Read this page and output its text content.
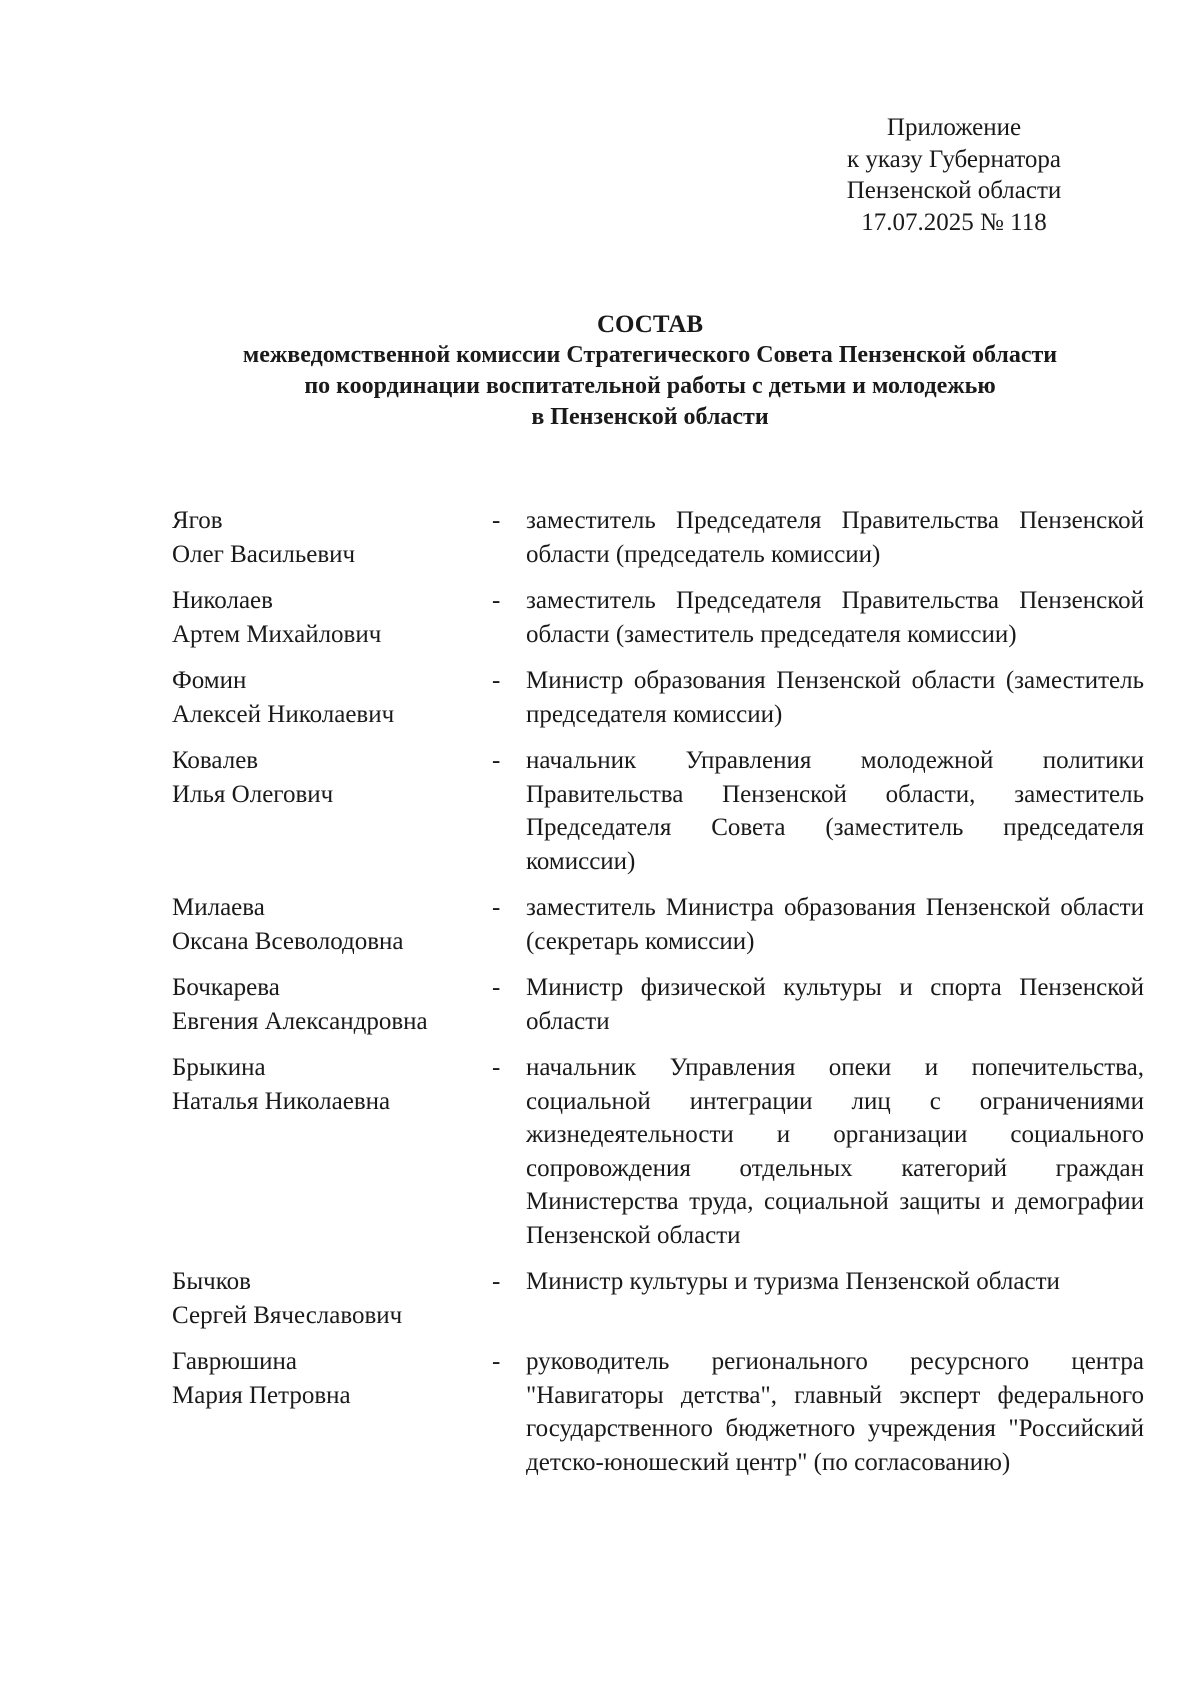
Приложение
к указу Губернатора
Пензенской области
17.07.2025 № 118
СОСТАВ
межведомственной комиссии Стратегического Совета Пензенской области
по координации воспитательной работы с детьми и молодежью
в Пензенской области
Ягов
Олег Васильевич
-	заместитель Председателя Правительства Пензенской области (председатель комиссии)
Николаев
Артем Михайлович
-	заместитель Председателя Правительства Пензенской области (заместитель председателя комиссии)
Фомин
Алексей Николаевич
-	Министр образования Пензенской области (заместитель председателя комиссии)
Ковалев
Илья Олегович
-	начальник Управления молодежной политики Правительства Пензенской области, заместитель Председателя Совета (заместитель председателя комиссии)
Милаева
Оксана Всеволодовна
-	заместитель Министра образования Пензенской области (секретарь комиссии)
Бочкарева
Евгения Александровна
-	Министр физической культуры и спорта Пензенской области
Брыкина
Наталья Николаевна
-	начальник Управления опеки и попечительства, социальной интеграции лиц с ограничениями жизнедеятельности и организации социального сопровождения отдельных категорий граждан Министерства труда, социальной защиты и демографии Пензенской области
Бычков
Сергей Вячеславович
-	Министр культуры и туризма Пензенской области
Гаврюшина
Мария Петровна
-	руководитель регионального ресурсного центра "Навигаторы детства", главный эксперт федерального государственного бюджетного учреждения "Российский детско-юношеский центр" (по согласованию)
